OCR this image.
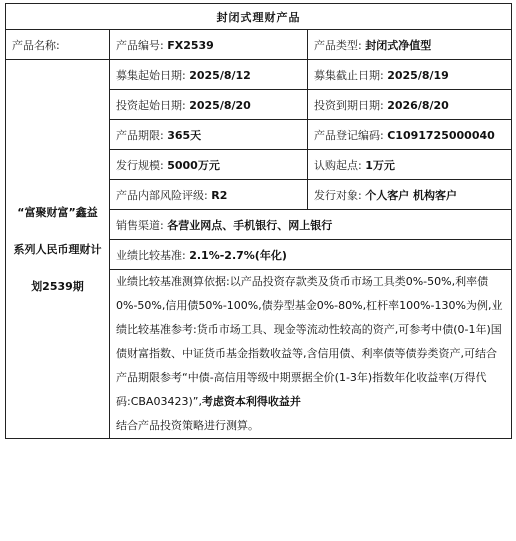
封闭式理财产品		
产品名称:	产品编号: FX2539	产品类型: 封闭式净值型
“富聚财富”鑫益系列人民币理财计划2539期	募集起始日期: 2025/8/12	募集截止日期: 2025/8/19
	投资起始日期: 2025/8/20	投资到期日期: 2026/8/20
	产品期限: 365天	产品登记编码: C1091725000040
	发行规模: 5000万元	认购起点: 1万元
	产品内部风险评级: R2	发行对象: 个人客户 机构客户
	销售渠道: 各营业网点、手机银行、网上银行	
	业绩比较基准: 2.1%-2.7%(年化)	
	业绩比较基准测算依据:以产品投资存款类及货币市场工具类0%-50%,利率债0%-50%,信用债50%-100%,债券型基金0%-80%,杠杆率100%-130%为例,业绩比较基准参考:货币市场工具、现金等流动性较高的资产,可参考中债(0-1年)国债财富指数、中证货币基金指数收益等,含信用债、利率债等债券类资产,可结合产品期限参考“中债-高信用等级中期票据全价(1-3年)指数年化收益率(万得代码:CBA03423)”,考虑资本利得收益并
结合产品投资策略进行测算。	
